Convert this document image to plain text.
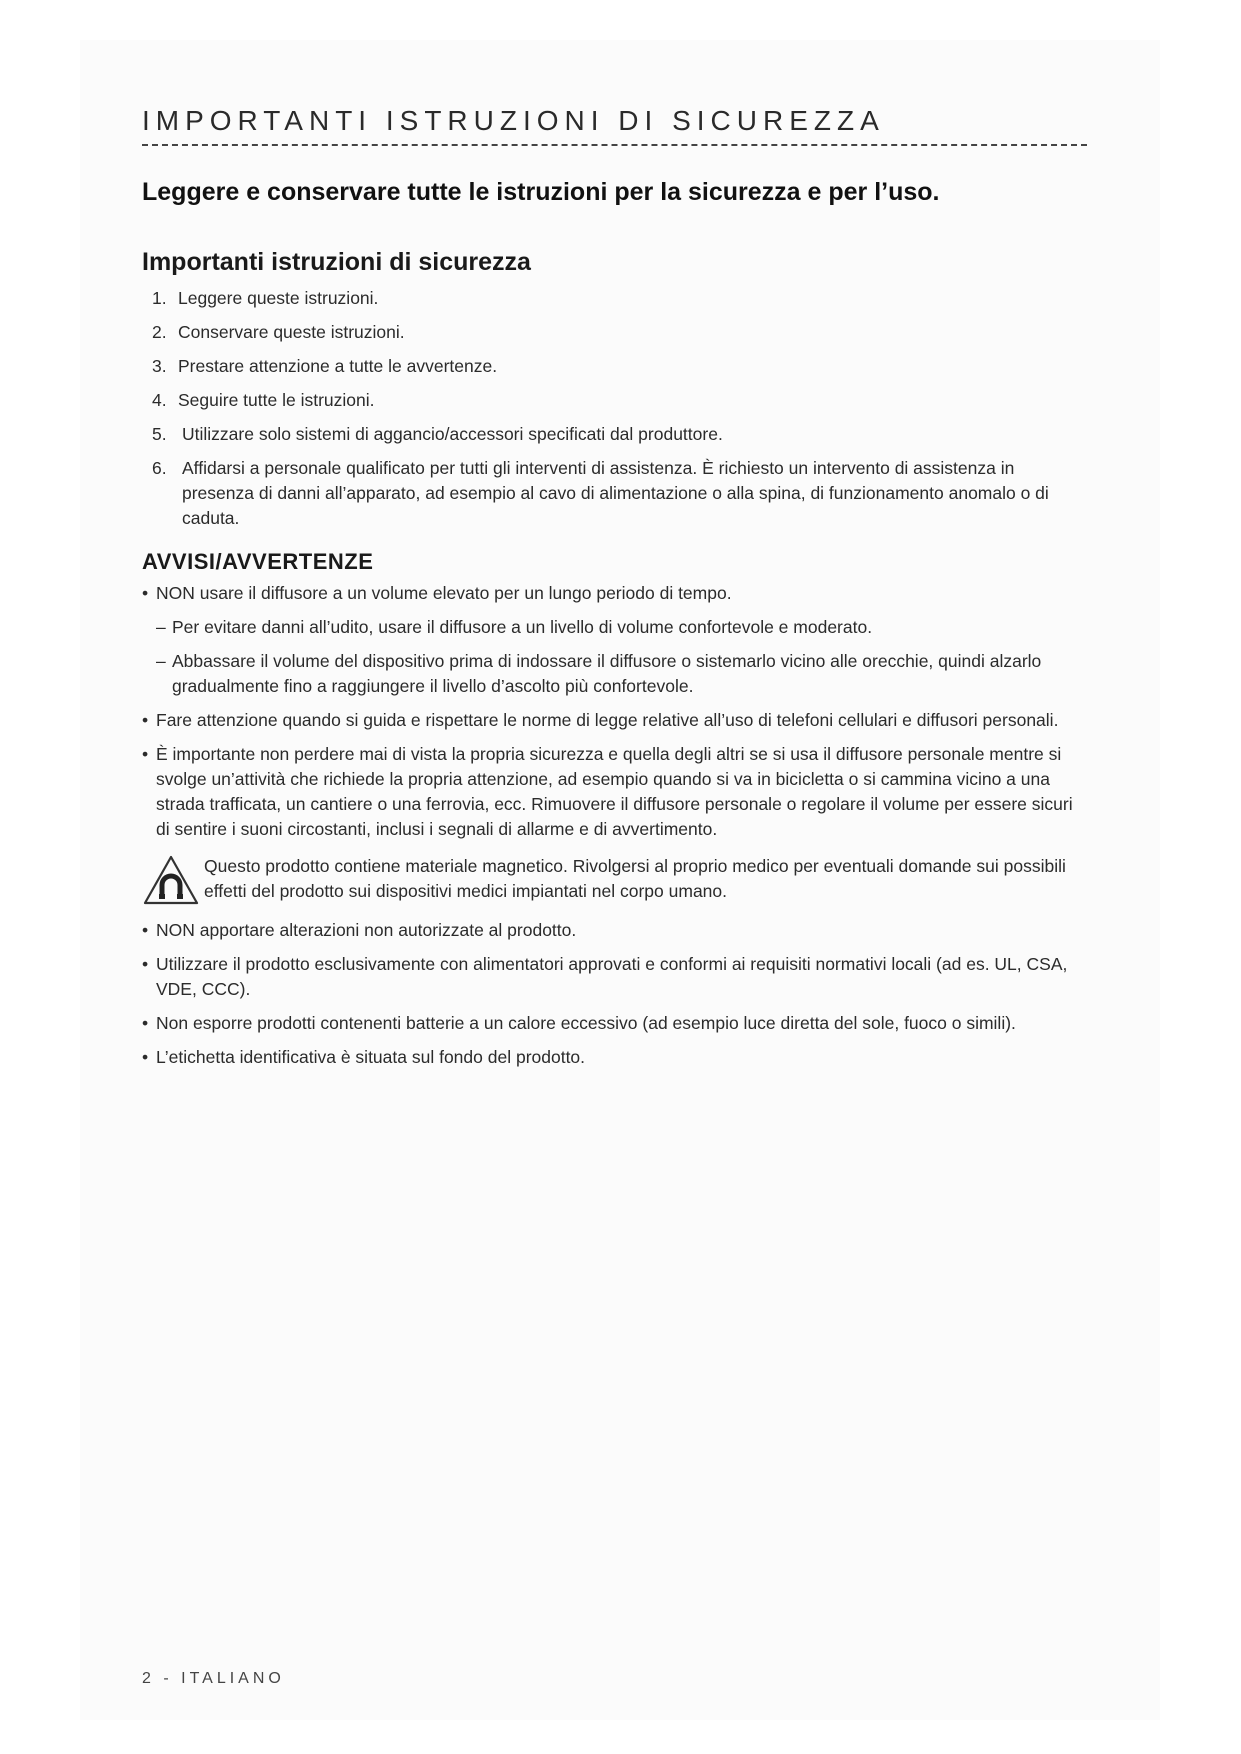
IMPORTANTI ISTRUZIONI DI SICUREZZA

Leggere e conservare tutte le istruzioni per la sicurezza e per l’uso.

Importanti istruzioni di sicurezza
1. Leggere queste istruzioni.
2. Conservare queste istruzioni.
3. Prestare attenzione a tutte le avvertenze.
4. Seguire tutte le istruzioni.
5. Utilizzare solo sistemi di aggancio/accessori specificati dal produttore.
6. Affidarsi a personale qualificato per tutti gli interventi di assistenza. È richiesto un intervento di assistenza in presenza di danni all’apparato, ad esempio al cavo di alimentazione o alla spina, di funzionamento anomalo o di caduta.
AVVISI/AVVERTENZE
• NON usare il diffusore a un volume elevato per un lungo periodo di tempo.
– Per evitare danni all’udito, usare il diffusore a un livello di volume confortevole e moderato.
– Abbassare il volume del dispositivo prima di indossare il diffusore o sistemarlo vicino alle orecchie, quindi alzarlo gradualmente fino a raggiungere il livello d’ascolto più confortevole.
• Fare attenzione quando si guida e rispettare le norme di legge relative all’uso di telefoni cellulari e diffusori personali.
• È importante non perdere mai di vista la propria sicurezza e quella degli altri se si usa il diffusore personale mentre si svolge un’attività che richiede la propria attenzione, ad esempio quando si va in bicicletta o si cammina vicino a una strada trafficata, un cantiere o una ferrovia, ecc. Rimuovere il diffusore personale o regolare il volume per essere sicuri di sentire i suoni circostanti, inclusi i segnali di allarme e di avvertimento.
Questo prodotto contiene materiale magnetico. Rivolgersi al proprio medico per eventuali domande sui possibili effetti del prodotto sui dispositivi medici impiantati nel corpo umano.
• NON apportare alterazioni non autorizzate al prodotto.
• Utilizzare il prodotto esclusivamente con alimentatori approvati e conformi ai requisiti normativi locali (ad es. UL, CSA, VDE, CCC).
• Non esporre prodotti contenenti batterie a un calore eccessivo (ad esempio luce diretta del sole, fuoco o simili).
• L’etichetta identificativa è situata sul fondo del prodotto.
2 - ITALIANO
